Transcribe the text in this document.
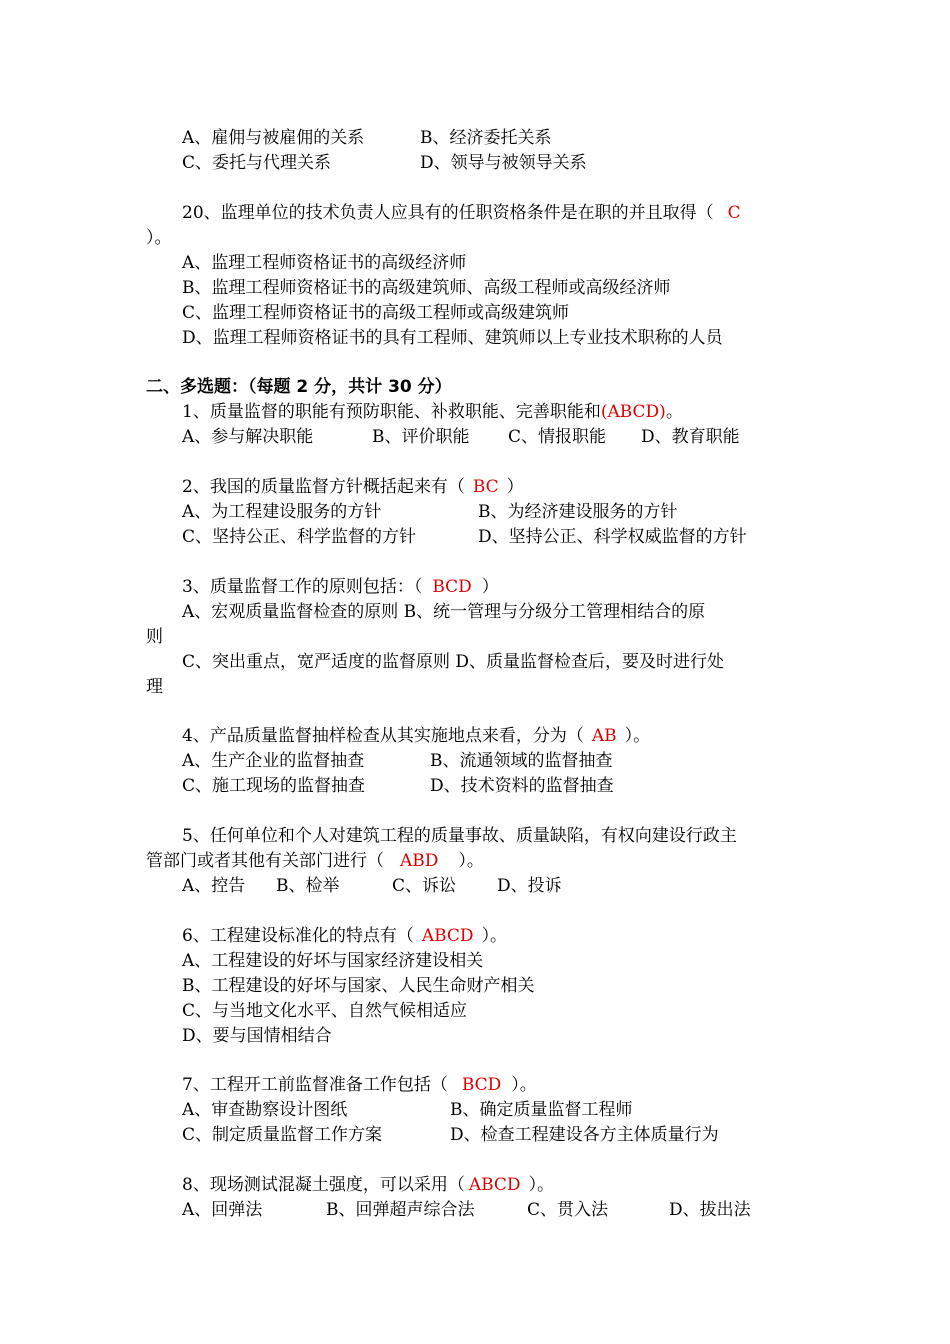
A、雇佣与被雇佣的关系	B、经济委托关系
C、委托与代理关系	D、领导与被领导关系
20、监理单位的技术负责人应具有的任职资格条件是在职的并且取得（ C
）。
A、监理工程师资格证书的高级经济师
B、监理工程师资格证书的高级建筑师、高级工程师或高级经济师
C、监理工程师资格证书的高级工程师或高级建筑师
D、监理工程师资格证书的具有工程师、建筑师以上专业技术职称的人员
二、多选题：（每题 2 分，共计 30 分）
1、质量监督的职能有预防职能、补救职能、完善职能和(ABCD)。
A、参与解决职能	B、评价职能 C、情报职能 D、教育职能
2、我国的质量监督方针概括起来有（ BC ）
A、为工程建设服务的方针	B、为经济建设服务的方针
C、坚持公正、科学监督的方针	D、坚持公正、科学权威监督的方针
3、质量监督工作的原则包括：（ BCD ）
A、宏观质量监督检查的原则 B、统一管理与分级分工管理相结合的原
则
C、突出重点，宽严适度的监督原则 D、质量监督检查后，要及时进行处
理
4、产品质量监督抽样检查从其实施地点来看，分为（ AB ）。
A、生产企业的监督抽查	B、流通领域的监督抽查
C、施工现场的监督抽查	D、技术资料的监督抽查
5、任何单位和个人对建筑工程的质量事故、质量缺陷，有权向建设行政主
管部门或者其他有关部门进行（ ABD ）。
A、控告 B、检举	C、诉讼 D、投诉
6、工程建设标准化的特点有（ ABCD ）。
A、工程建设的好坏与国家经济建设相关
B、工程建设的好坏与国家、人民生命财产相关
C、与当地文化水平、自然气候相适应
D、要与国情相结合
7、工程开工前监督准备工作包括（ BCD ）。
A、审查勘察设计图纸	B、确定质量监督工程师
C、制定质量监督工作方案	D、检查工程建设各方主体质量行为
8、现场测试混凝土强度，可以采用（ ABCD ）。
A、回弹法	B、回弹超声综合法	C、贯入法	D、拔出法
